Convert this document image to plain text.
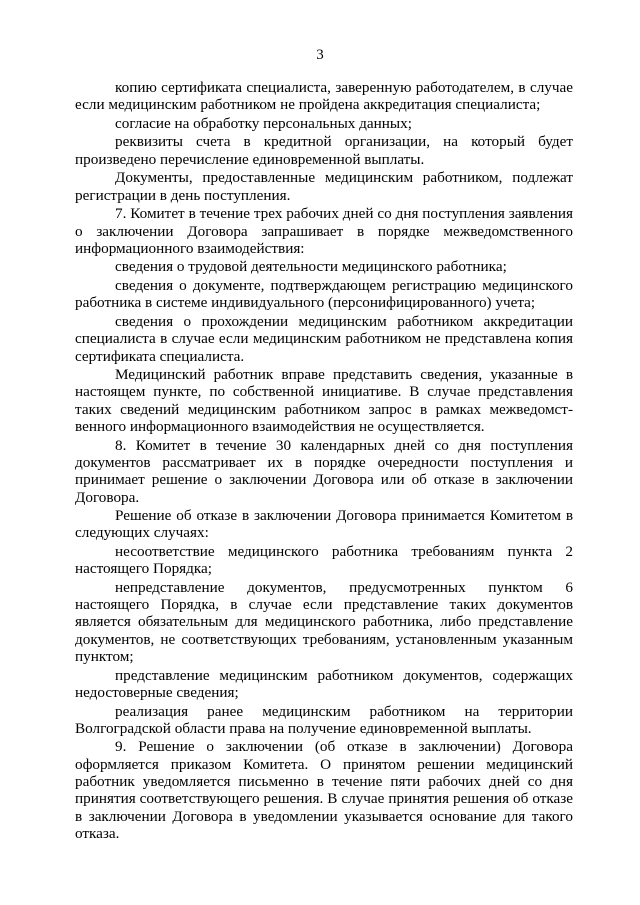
3

копию сертификата специалиста, заверенную работодателем, в случае если медицинским работником не пройдена аккредитация специалиста;

согласие на обработку персональных данных;

реквизиты счета в кредитной организации, на который будет произведено перечисление единовременной выплаты.

Документы, предоставленные медицинским работником, подлежат регистрации в день поступления.

7. Комитет в течение трех рабочих дней со дня поступления заявления о заключении Договора запрашивает в порядке межведомственного информационного взаимодействия:

сведения о трудовой деятельности медицинского работника;

сведения о документе, подтверждающем регистрацию медицинского работника в системе индивидуального (персонифицированного) учета;

сведения о прохождении медицинским работником аккредитации специалиста в случае если медицинским работником не представлена копия сертификата специалиста.

Медицинский работник вправе представить сведения, указанные в настоящем пункте, по собственной инициативе. В случае представления таких сведений медицинским работником запрос в рамках межведомственного информационного взаимодействия не осуществляется.

8. Комитет в течение 30 календарных дней со дня поступления документов рассматривает их в порядке очередности поступления и принимает решение о заключении Договора или об отказе в заключении Договора.

Решение об отказе в заключении Договора принимается Комитетом в следующих случаях:

несоответствие медицинского работника требованиям пункта 2 настоящего Порядка;

непредставление документов, предусмотренных пунктом 6 настоящего Порядка, в случае если представление таких документов является обязательным для медицинского работника, либо представление документов, не соответствующих требованиям, установленным указанным пунктом;

представление медицинским работником документов, содержащих недостоверные сведения;

реализация ранее медицинским работником на территории Волгоградской области права на получение единовременной выплаты.

9. Решение о заключении (об отказе в заключении) Договора оформляется приказом Комитета. О принятом решении медицинский работник уведомляется письменно в течение пяти рабочих дней со дня принятия соответствующего решения. В случае принятия решения об отказе в заключении Договора в уведомлении указывается основание для такого отказа.
